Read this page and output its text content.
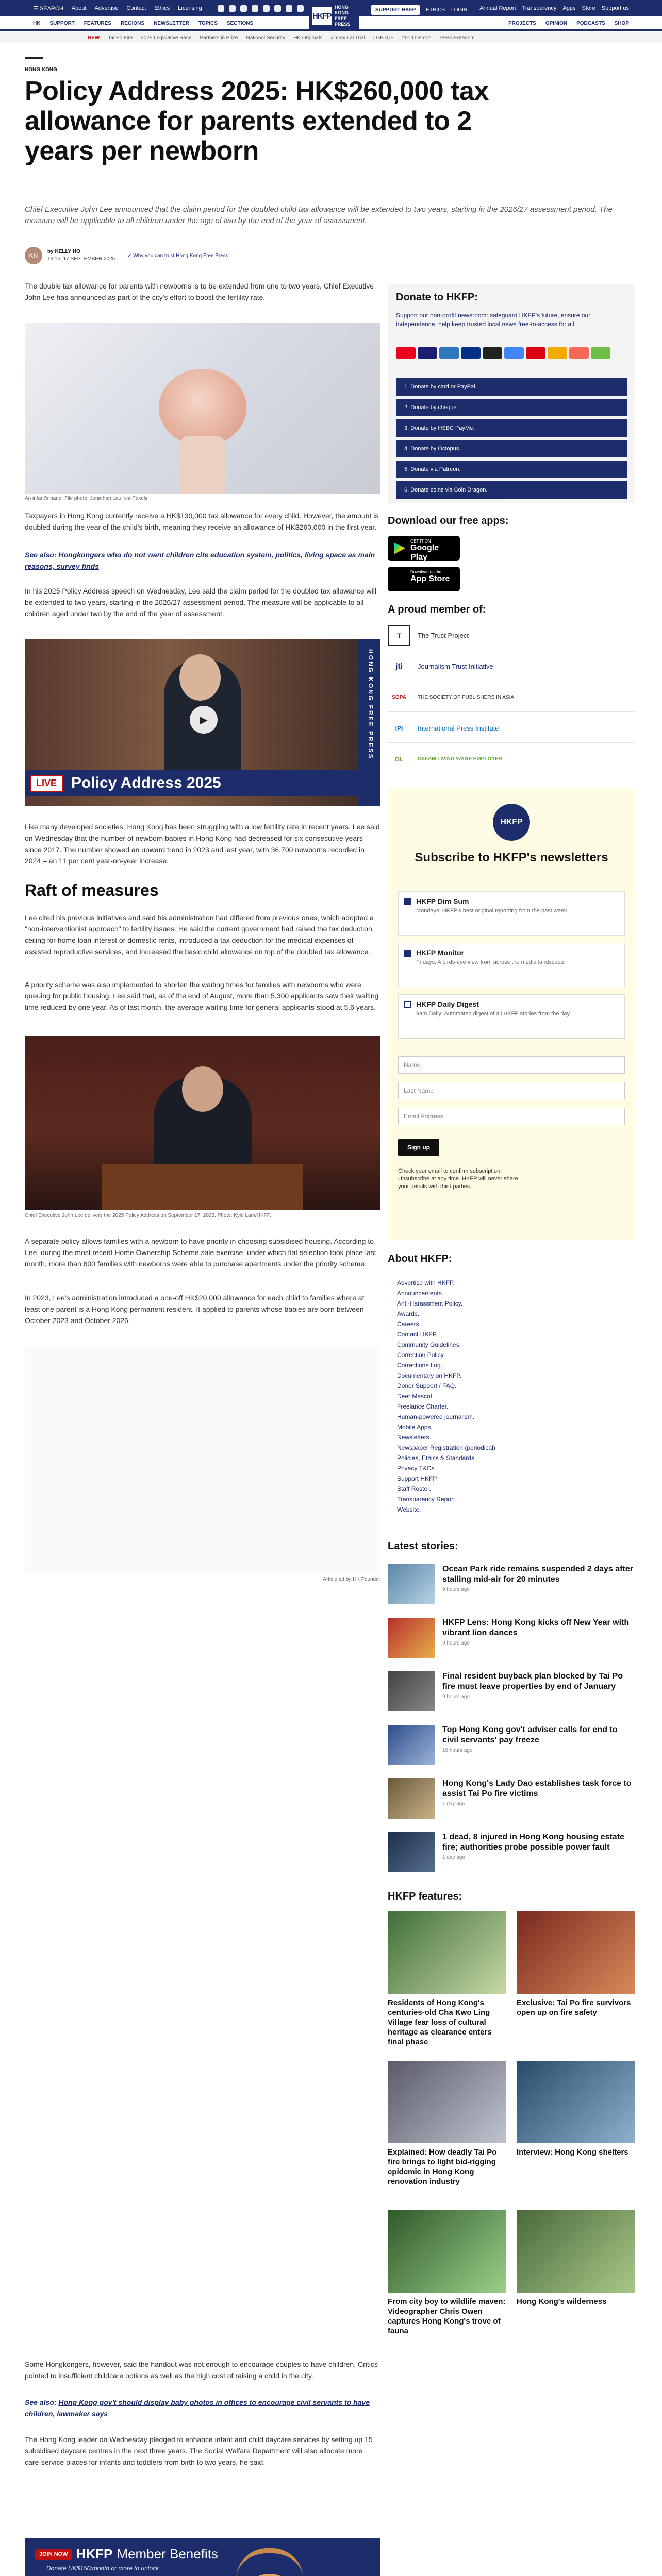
☰ SEARCH About Advertise Contact Ethics Licensing	Annual Report Transparency Apps Store Support us
HKFP
HONG KONG FREE PRESS
SUPPORT HKFP	ETHICS LOGIN
HK SUPPORT FEATURES REGIONS NEWSLETTER TOPICS SECTIONS	PROJECTS OPINION PODCASTS SHOP
NEW Tai Po Fire 2025 Legislative Race Partners in Prize National Security HK Originals Jimmy Lai Trial LGBTQ+ 2019 Demos Press Freedom
HONG KONG
Policy Address 2025: HK$260,000 tax allowance for parents extended to 2 years per newborn
Chief Executive John Lee announced that the claim period for the doubled child tax allowance will be extended to two years, starting in the 2026/27 assessment period. The measure will be applicable to all children under the age of two by the end of the year of assessment.
KN
by KELLY HO
16:15, 17 SEPTEMBER 2025
✓ Why you can trust Hong Kong Free Press
The double tax allowance for parents with newborns is to be extended from one to two years, Chief Executive John Lee has announced as part of the city's effort to boost the fertility rate.
An infant's hand. File photo: Jonathan Lau, via Pexels.
Taxpayers in Hong Kong currently receive a HK$130,000 tax allowance for every child. However, the amount is doubled during the year of the child's birth, meaning they receive an allowance of HK$260,000 in the first year.
See also: Hongkongers who do not want children cite education system, politics, living space as main reasons, survey finds
In his 2025 Policy Address speech on Wednesday, Lee said the claim period for the doubled tax allowance will be extended to two years, starting in the 2026/27 assessment period. The measure will be applicable to all children aged under two by the end of the year of assessment.
▶
LIVE Policy Address 2025
HONG KONG FREE PRESS
Like many developed societies, Hong Kong has been struggling with a low fertility rate in recent years. Lee said on Wednesday that the number of newborn babies in Hong Kong had decreased for six consecutive years since 2017. The number showed an upward trend in 2023 and last year, with 36,700 newborns recorded in 2024 – an 11 per cent year-on-year increase.
Raft of measures
Lee cited his previous initiatives and said his administration had differed from previous ones, which adopted a "non-interventionist approach" to fertility issues. He said the current government had raised the tax deduction ceiling for home loan interest or domestic rents, introduced a tax deduction for the medical expenses of assisted reproductive services, and increased the basic child allowance on top of the doubled tax allowance.
A priority scheme was also implemented to shorten the waiting times for families with newborns who were queuing for public housing. Lee said that, as of the end of August, more than 5,300 applicants saw their waiting time reduced by one year. As of last month, the average waiting time for general applicants stood at 5.6 years.
Chief Executive John Lee delivers the 2025 Policy Address on September 17, 2025. Photo: Kyle Lam/HKFP.
A separate policy allows families with a newborn to have priority in choosing subsidised housing. According to Lee, during the most recent Home Ownership Scheme sale exercise, under which flat selection took place last month, more than 800 families with newborns were able to purchase apartments under the priority scheme.
In 2023, Lee's administration introduced a one-off HK$20,000 allowance for each child to families where at least one parent is a Hong Kong permanent resident. It applied to parents whose babies are born between October 2023 and October 2026.
Article ad by HK Founder
Some Hongkongers, however, said the handout was not enough to encourage couples to have children. Critics pointed to insufficient childcare options as well as the high cost of raising a child in the city.
See also: Hong Kong gov't should display baby photos in offices to encourage civil servants to have children, lawmaker says
The Hong Kong leader on Wednesday pledged to enhance infant and child daycare services by setting up 15 subsidised daycare centres in the next three years. The Social Welfare Department will also allocate more care-service places for infants and toddlers from birth to two years, he said.
JOIN NOW HKFP Member Benefits
Donate HK$150/month or more to unlock
Donate to HKFP:
Support our non-profit newsroom: safeguard HKFP's future, ensure our independence, help keep trusted local news free-to-access for all.
1. Donate by card or PayPal.
2. Donate by cheque.
3. Donate by HSBC PayMe.
4. Donate by Octopus.
5. Donate via Patreon.
6. Donate coins via Coin Dragon.
More ways to support independent media.
Download our free apps:
GET IT ON
Google Play
Download on the
App Store
A proud member of:
T	The Trust Project
jti	Journalism Trust Initiative
SOPA	THE SOCIETY OF PUBLISHERS IN ASIA
IPI	International Press Institute
OL	OXFAM LIVING WAGE EMPLOYER
HKFP
Subscribe to HKFP's newsletters
HKFP Dim Sum
Mondays: HKFP's best original reporting from the past week.
HKFP Monitor
Fridays: A birds-eye view from across the media landscape.
HKFP Daily Digest
9am Daily: Automated digest of all HKFP stories from the day.
Name
Last Name
Email Address
Sign up
Check your email to confirm subscription. Unsubscribe at any time. HKFP will never share your details with third parties.
About HKFP:
Advertise with HKFP.
Announcements.
Anti-Harassment Policy.
Awards.
Careers.
Contact HKFP.
Community Guidelines.
Correction Policy.
Corrections Log.
Documentary on HKFP.
Donor Support / FAQ.
Deer Mascot.
Freelance Charter.
Human-powered journalism.
Mobile Apps.
Newsletters.
Newspaper Registration (periodical).
Policies, Ethics & Standards.
Privacy T&Cs.
Support HKFP.
Staff Roster.
Transparency Report.
Website.
Latest stories:
Ocean Park ride remains suspended 2 days after stalling mid-air for 20 minutes
9 hours ago
HKFP Lens: Hong Kong kicks off New Year with vibrant lion dances
9 hours ago
Final resident buyback plan blocked by Tai Po fire must leave properties by end of January
9 hours ago
Top Hong Kong gov't adviser calls for end to civil servants' pay freeze
19 hours ago
Hong Kong's Lady Dao establishes task force to assist Tai Po fire victims
1 day ago
1 dead, 8 injured in Hong Kong housing estate fire; authorities probe possible power fault
1 day ago
HKFP features:
Residents of Hong Kong's centuries-old Cha Kwo Ling Village fear loss of cultural heritage as clearance enters final phase
Exclusive: Tai Po fire survivors open up on fire safety
Explained: How deadly Tai Po fire brings to light bid-rigging epidemic in Hong Kong renovation industry
Interview: Hong Kong shelters
From city boy to wildlife maven: Videographer Chris Owen captures Hong Kong's trove of fauna
Hong Kong's wilderness
